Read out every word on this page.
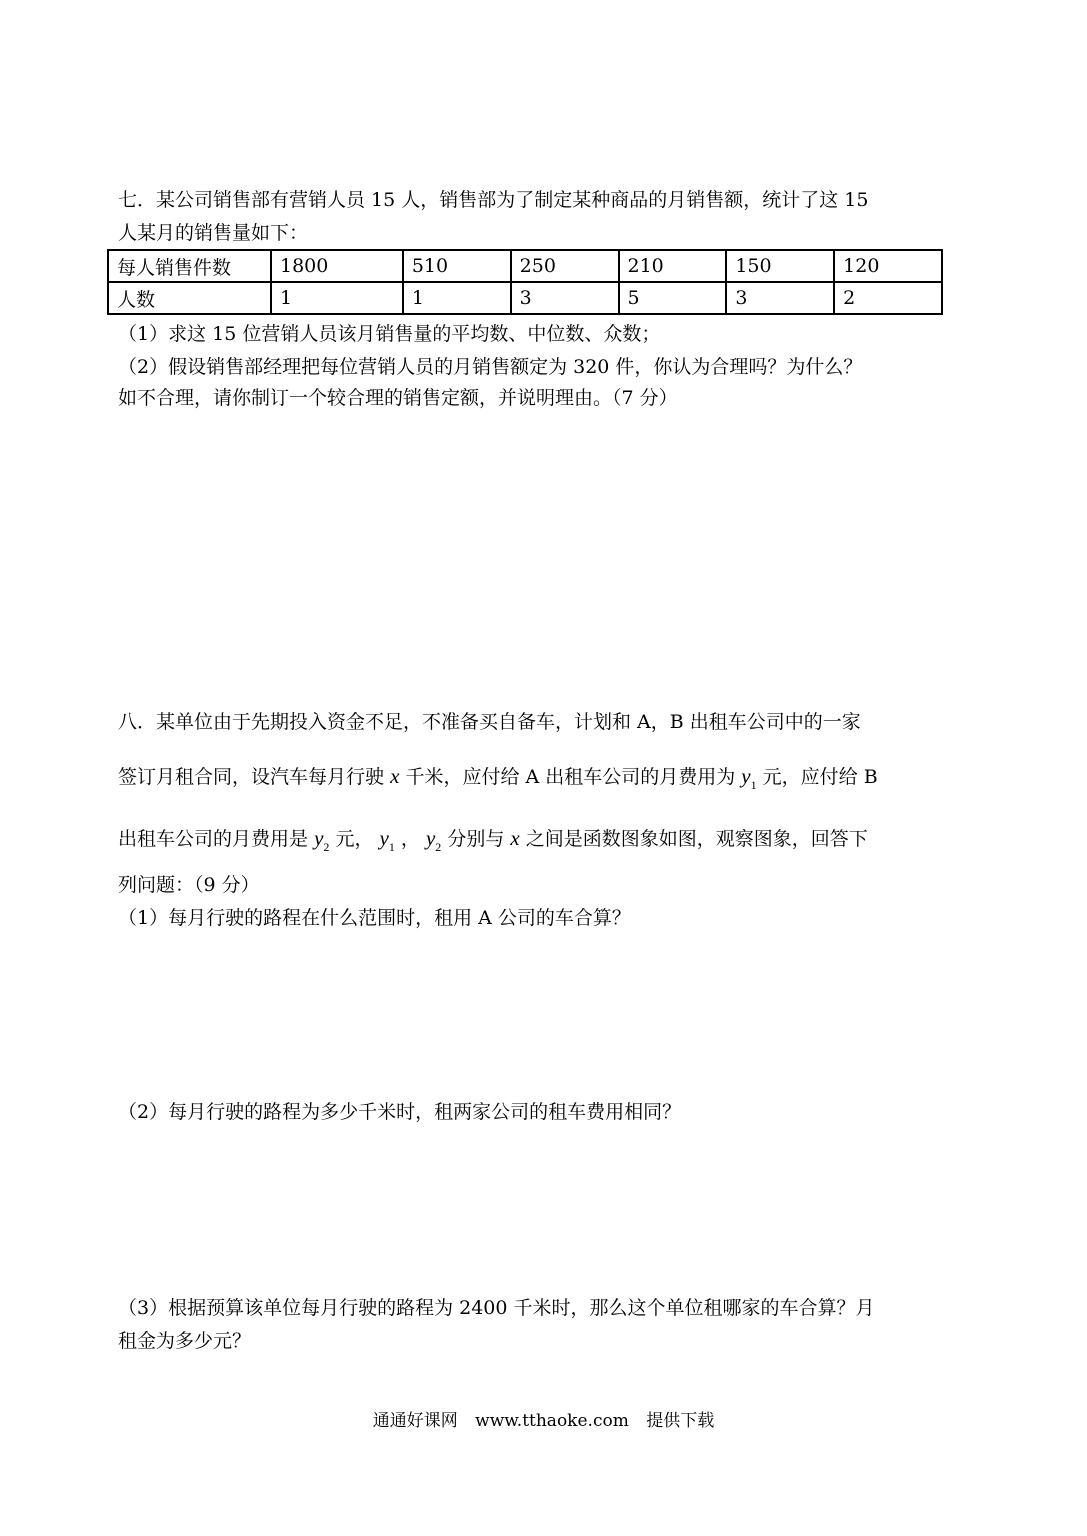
七．某公司销售部有营销人员 15 人，销售部为了制定某种商品的月销售额，统计了这 15
人某月的销售量如下：
每人销售件数	1800	510	250	210	150	120
人数	1	1	3	5	3	2
（1）求这 15 位营销人员该月销售量的平均数、中位数、众数；
（2）假设销售部经理把每位营销人员的月销售额定为 320 件，你认为合理吗？为什么？
如不合理，请你制订一个较合理的销售定额，并说明理由。（7 分）
八．某单位由于先期投入资金不足，不准备买自备车，计划和 A，B 出租车公司中的一家
签订月租合同，设汽车每月行驶 x 千米，应付给 A 出租车公司的月费用为 $y_1$ 元，应付给 B
出租车公司的月费用是 $y_2$ 元， $y_1$ ， $y_2$ 分别与 x 之间是函数图象如图，观察图象，回答下
列问题：（9 分）
（1）每月行驶的路程在什么范围时，租用 A 公司的车合算？
（2）每月行驶的路程为多少千米时，租两家公司的租车费用相同？
（3）根据预算该单位每月行驶的路程为 2400 千米时，那么这个单位租哪家的车合算？月
租金为多少元？
通通好课网 www.tthaoke.com 提供下载
